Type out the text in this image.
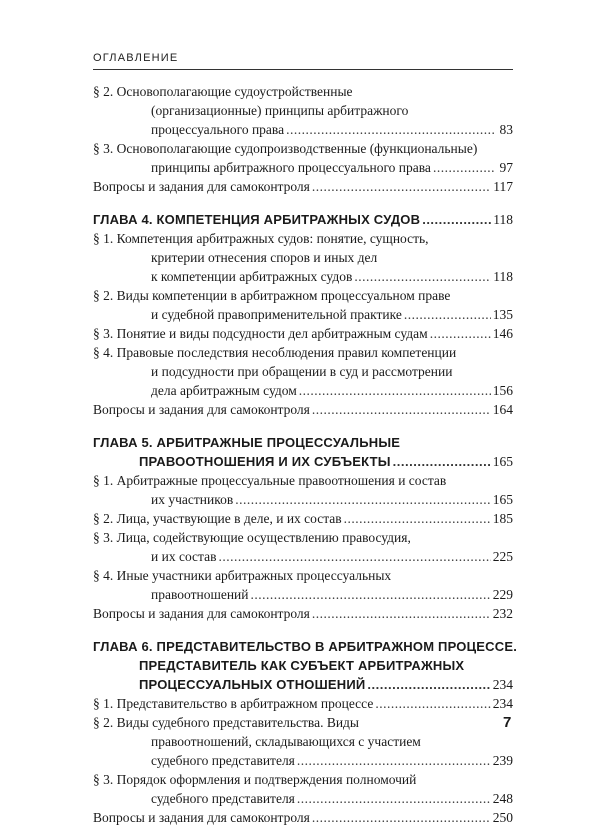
ОГЛАВЛЕНИЕ
§ 2. Основополагающие судоустройственные
(организационные) принципы арбитражного
процессуального права .....	83
§ 3. Основополагающие судопроизводственные (функциональные)
принципы арбитражного процессуального права .....	97
Вопросы и задания для самоконтроля .....	117
ГЛАВА 4. КОМПЕТЕНЦИЯ АРБИТРАЖНЫХ СУДОВ .....	118
§ 1. Компетенция арбитражных судов: понятие, сущность,
критерии отнесения споров и иных дел
к компетенции арбитражных судов .....	118
§ 2. Виды компетенции в арбитражном процессуальном праве
и судебной правоприменительной практике .....	135
§ 3. Понятие и виды подсудности дел арбитражным судам .....	146
§ 4. Правовые последствия несоблюдения правил компетенции
и подсудности при обращении в суд и рассмотрении
дела арбитражным судом .....	156
Вопросы и задания для самоконтроля .....	164
ГЛАВА 5. АРБИТРАЖНЫЕ ПРОЦЕССУАЛЬНЫЕ
ПРАВООТНОШЕНИЯ И ИХ СУБЪЕКТЫ .....	165
§ 1. Арбитражные процессуальные правоотношения и состав
их участников .....	165
§ 2. Лица, участвующие в деле, и их состав .....	185
§ 3. Лица, содействующие осуществлению правосудия,
и их состав .....	225
§ 4. Иные участники арбитражных процессуальных
правоотношений .....	229
Вопросы и задания для самоконтроля .....	232
ГЛАВА 6. ПРЕДСТАВИТЕЛЬСТВО В АРБИТРАЖНОМ ПРОЦЕССЕ.
ПРЕДСТАВИТЕЛЬ КАК СУБЪЕКТ АРБИТРАЖНЫХ
ПРОЦЕССУАЛЬНЫХ ОТНОШЕНИЙ .....	234
§ 1. Представительство в арбитражном процессе .....	234
§ 2. Виды судебного представительства. Виды
правоотношений, складывающихся с участием
судебного представителя .....	239
§ 3. Порядок оформления и подтверждения полномочий
судебного представителя .....	248
Вопросы и задания для самоконтроля .....	250
7
